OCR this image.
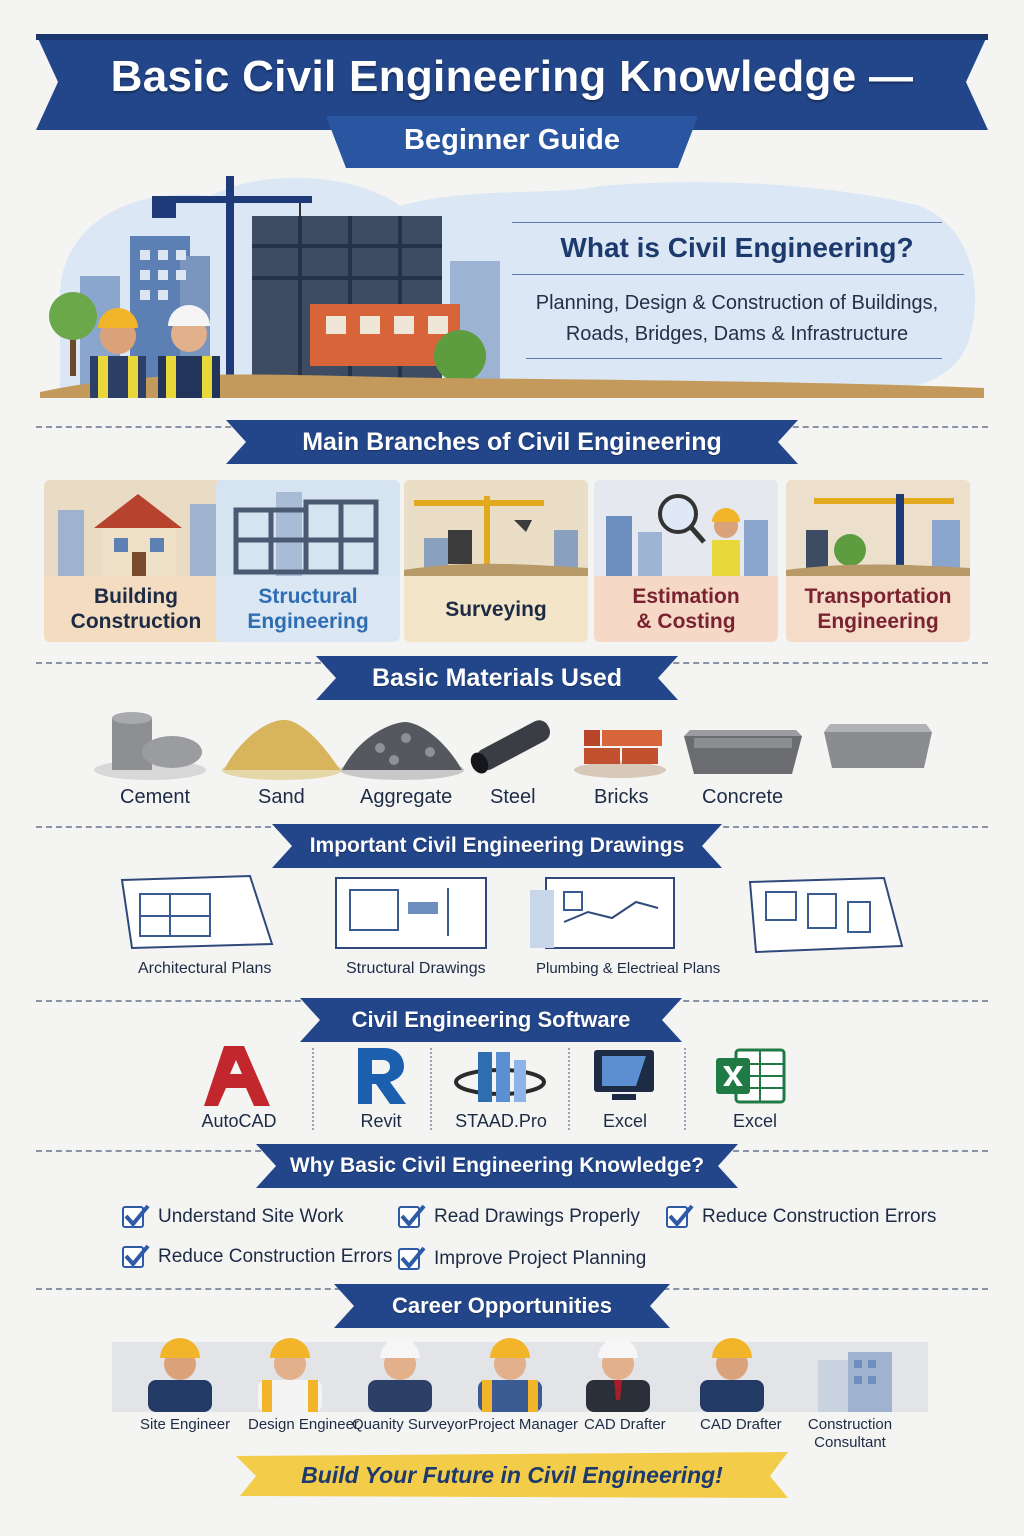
Basic Civil Engineering Knowledge —
Beginner Guide
What is Civil Engineering?
Planning, Design & Construction of Buildings,
Roads, Bridges, Dams & Infrastructure
Main Branches of Civil Engineering
Building
Construction
Structural
Engineering
Surveying
Estimation
& Costing
Transportation
Engineering
Basic Materials Used
Cement	Sand	Aggregate Steel	Bricks	Concrete
Important Civil Engineering Drawings
Architectural Plans	Structural Drawings	Plumbing & Electrieal Plans
Civil Engineering Software
AutoCAD	Revit	STAAD.Pro	Excel	Excel
Why Basic Civil Engineering Knowledge?
Understand Site Work	Read Drawings Properly	Reduce Construction Errors
Reduce Construction Errors Improve Project Planning
Career Opportunities
Site Engineer Design Engineer
Quanity Surveyor Project Manager CAD Drafter CAD Drafter Construction Consultant
Build Your Future in Civil Engineering!
